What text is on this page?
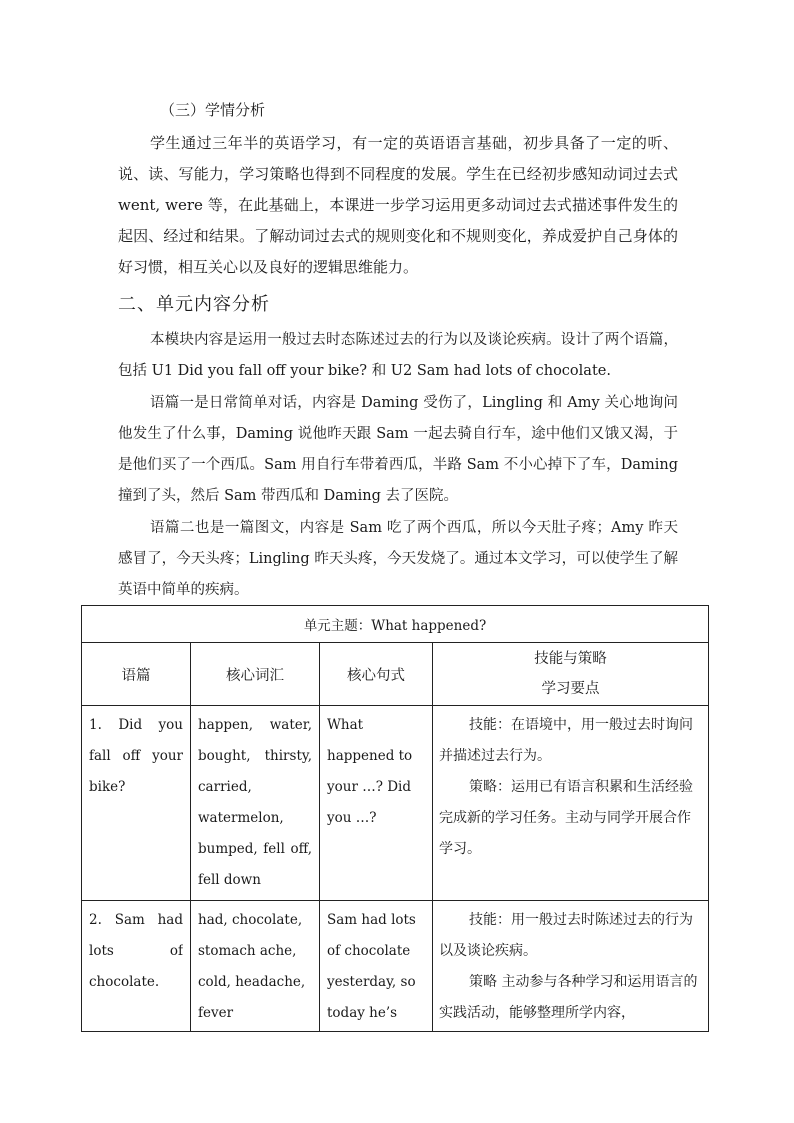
（三）学情分析
学生通过三年半的英语学习，有一定的英语语言基础，初步具备了一定的听、说、读、写能力，学习策略也得到不同程度的发展。学生在已经初步感知动词过去式 went, were 等，在此基础上，本课进一步学习运用更多动词过去式描述事件发生的起因、经过和结果。了解动词过去式的规则变化和不规则变化，养成爱护自己身体的好习惯，相互关心以及良好的逻辑思维能力。
二、单元内容分析
本模块内容是运用一般过去时态陈述过去的行为以及谈论疾病。设计了两个语篇，包括 U1 Did you fall off your bike? 和 U2 Sam had lots of chocolate.
语篇一是日常简单对话，内容是 Daming 受伤了，Lingling 和 Amy 关心地询问他发生了什么事，Daming 说他昨天跟 Sam 一起去骑自行车，途中他们又饿又渴，于是他们买了一个西瓜。Sam 用自行车带着西瓜，半路 Sam 不小心掉下了车，Daming 撞到了头，然后 Sam 带西瓜和 Daming 去了医院。
语篇二也是一篇图文，内容是 Sam 吃了两个西瓜，所以今天肚子疼；Amy 昨天感冒了，今天头疼；Lingling 昨天头疼，今天发烧了。通过本文学习，可以使学生了解英语中简单的疾病。
单元主题：What happened?			
语篇	核心词汇	核心句式	技能与策略
学习要点

1. Did you fall off your bike?	happen, water, bought, thirsty, carried, watermelon, bumped, fell off, fell down	What happened to your …? Did you …?	技能：在语境中，用一般过去时询问并描述过去行为。

策略：运用已有语言积累和生活经验完成新的学习任务。主动与同学开展合作学习。

2. Sam had lots of chocolate.	had, chocolate, stomach ache, cold, headache, fever	Sam had lots of chocolate yesterday, so today he’s	技能：用一般过去时陈述过去的行为以及谈论疾病。

策略 主动参与各种学习和运用语言的实践活动，能够整理所学内容，
